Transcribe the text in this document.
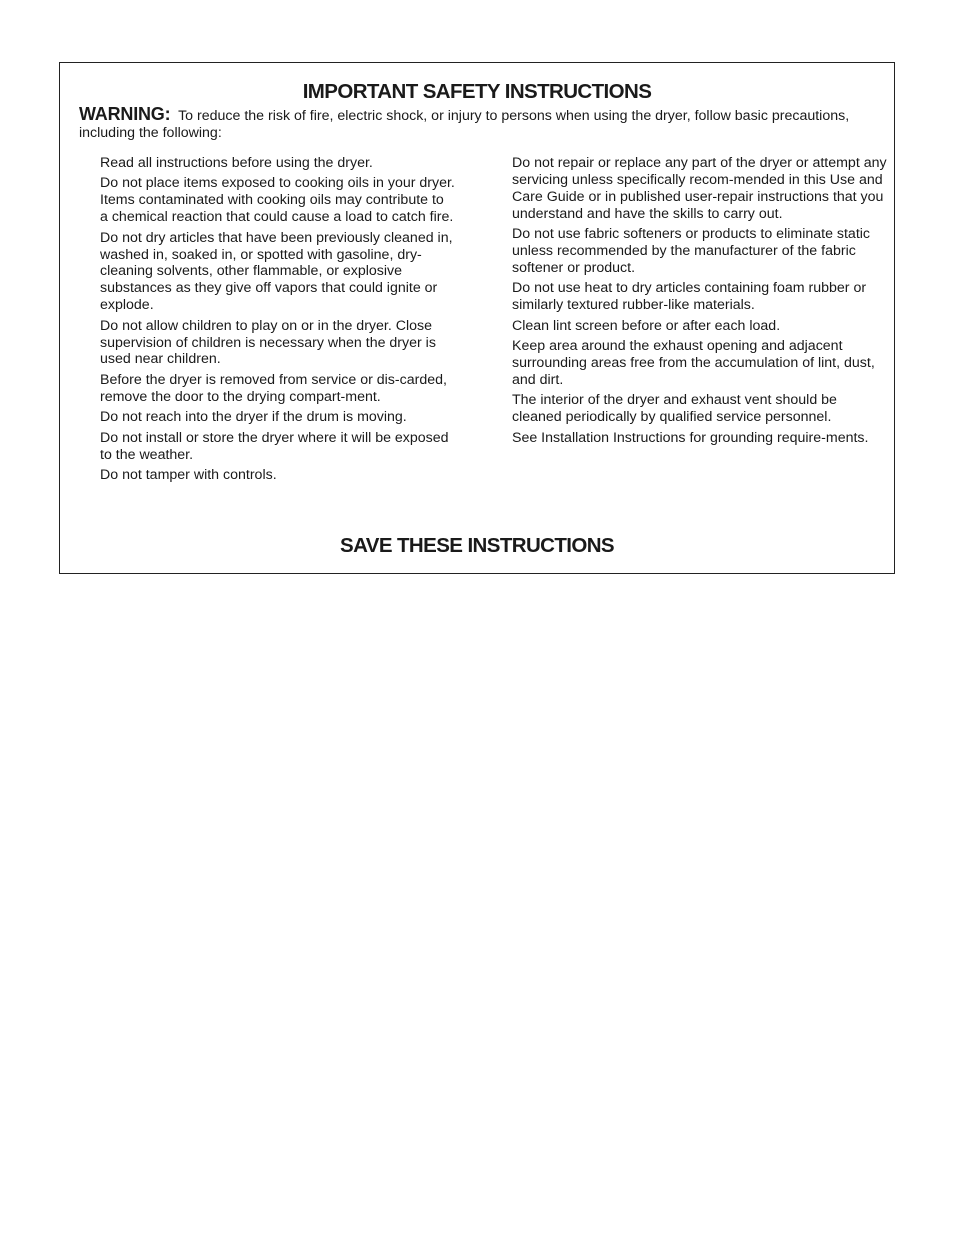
IMPORTANT SAFETY INSTRUCTIONS

WARNING: To reduce the risk of fire, electric shock, or injury to persons when using the dryer, follow basic precautions, including the following:

Read all instructions before using the dryer.
Do not place items exposed to cooking oils in your dryer. Items contaminated with cooking oils may contribute to a chemical reaction that could cause a load to catch fire.
Do not dry articles that have been previously cleaned in, washed in, soaked in, or spotted with gasoline, dry-cleaning solvents, other flammable, or explosive substances as they give off vapors that could ignite or explode.
Do not allow children to play on or in the dryer. Close supervision of children is necessary when the dryer is used near children.
Before the dryer is removed from service or dis-carded, remove the door to the drying compart-ment.
Do not reach into the dryer if the drum is moving.
Do not install or store the dryer where it will be exposed to the weather.
Do not tamper with controls.
Do not repair or replace any part of the dryer or attempt any servicing unless specifically recom-mended in this Use and Care Guide or in published user-repair instructions that you understand and have the skills to carry out.
Do not use fabric softeners or products to eliminate static unless recommended by the manufacturer of the fabric softener or product.
Do not use heat to dry articles containing foam rubber or similarly textured rubber-like materials.
Clean lint screen before or after each load.
Keep area around the exhaust opening and adjacent surrounding areas free from the accumulation of lint, dust, and dirt.
The interior of the dryer and exhaust vent should be cleaned periodically by qualified service personnel.
See Installation Instructions for grounding require-ments.
SAVE THESE INSTRUCTIONS
